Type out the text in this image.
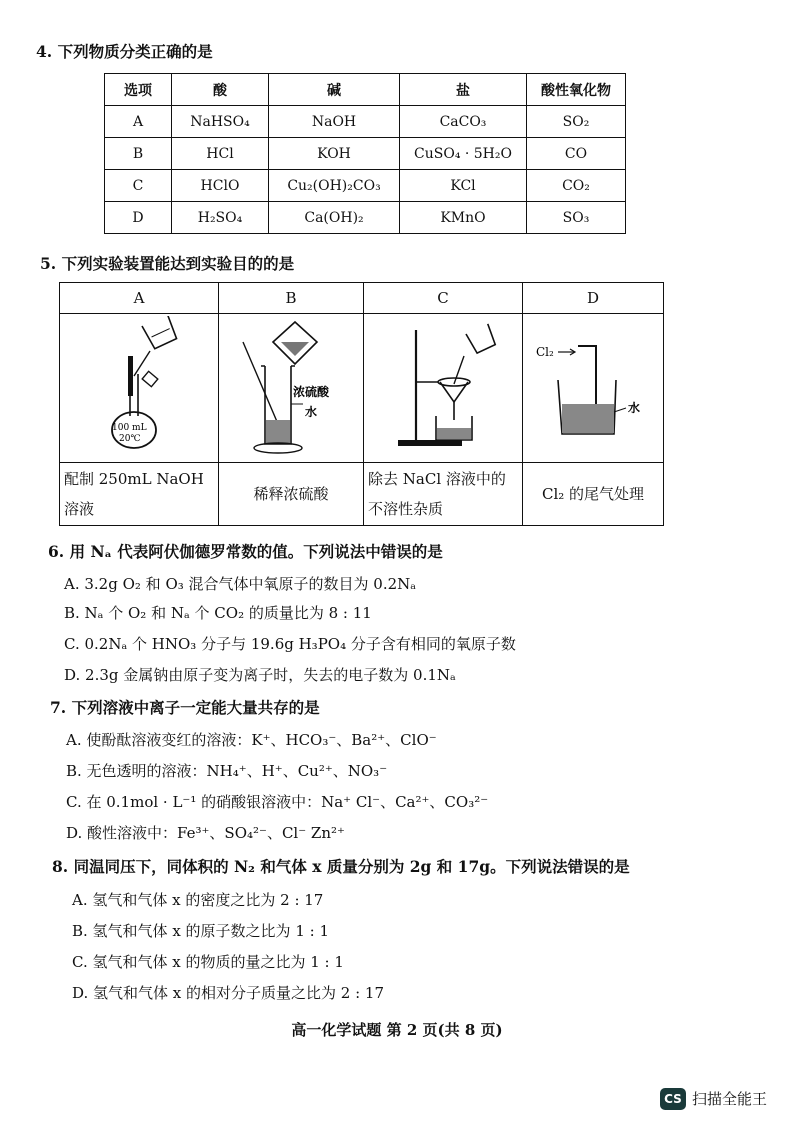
4. 下列物质分类正确的是
选项	酸	碱	盐	酸性氧化物
A	NaHSO₄	NaOH	CaCO₃	SO₂
B	HCl	KOH	CuSO₄ · 5H₂O	CO
C	HClO	Cu₂(OH)₂CO₃	KCl	CO₂
D	H₂SO₄	Ca(OH)₂	KMnO	SO₃
5. 下列实验装置能达到实验目的的是
A	B	C	D

100 mL
20℃	浓硫酸
水		Cl₂
水

配制 250mL NaOH 溶液	稀释浓硫酸	除去 NaCl 溶液中的不溶性杂质	Cl₂ 的尾气处理
6. 用 Nₐ 代表阿伏伽德罗常数的值。下列说法中错误的是
A. 3.2g O₂ 和 O₃ 混合气体中氧原子的数目为 0.2Nₐ
B. Nₐ 个 O₂ 和 Nₐ 个 CO₂ 的质量比为 8 : 11
C. 0.2Nₐ 个 HNO₃ 分子与 19.6g H₃PO₄ 分子含有相同的氧原子数
D. 2.3g 金属钠由原子变为离子时，失去的电子数为 0.1Nₐ
7. 下列溶液中离子一定能大量共存的是
A. 使酚酞溶液变红的溶液：K⁺、HCO₃⁻、Ba²⁺、ClO⁻
B. 无色透明的溶液：NH₄⁺、H⁺、Cu²⁺、NO₃⁻
C. 在 0.1mol · L⁻¹ 的硝酸银溶液中：Na⁺ Cl⁻、Ca²⁺、CO₃²⁻
D. 酸性溶液中：Fe³⁺、SO₄²⁻、Cl⁻ Zn²⁺
8. 同温同压下，同体积的 N₂ 和气体 x 质量分别为 2g 和 17g。下列说法错误的是
A. 氢气和气体 x 的密度之比为 2 : 17
B. 氢气和气体 x 的原子数之比为 1 : 1
C. 氢气和气体 x 的物质的量之比为 1 : 1
D. 氢气和气体 x 的相对分子质量之比为 2 : 17
高一化学试题 第 2 页(共 8 页)
CS 扫描全能王
